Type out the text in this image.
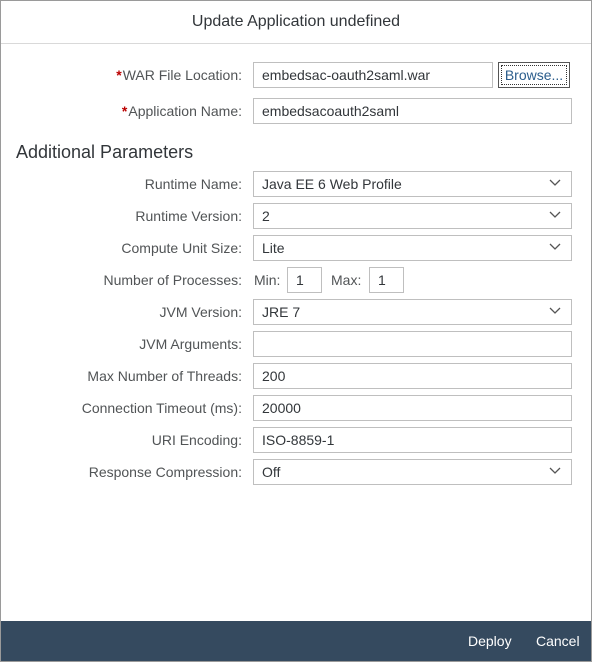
Update Application undefined
*WAR File Location:	embedsac-oauth2saml.war	Browse...
*Application Name:	embedsacoauth2saml
Additional Parameters
Runtime Name:	Java EE 6 Web Profile
Runtime Version:	2
Compute Unit Size:	Lite
Number of Processes: Min:	1	Max:	1
JVM Version:	JRE 7
JVM Arguments:
Max Number of Threads:	200
Connection Timeout (ms):	20000
URI Encoding:	ISO-8859-1
Response Compression:	Off
Deploy Cancel
